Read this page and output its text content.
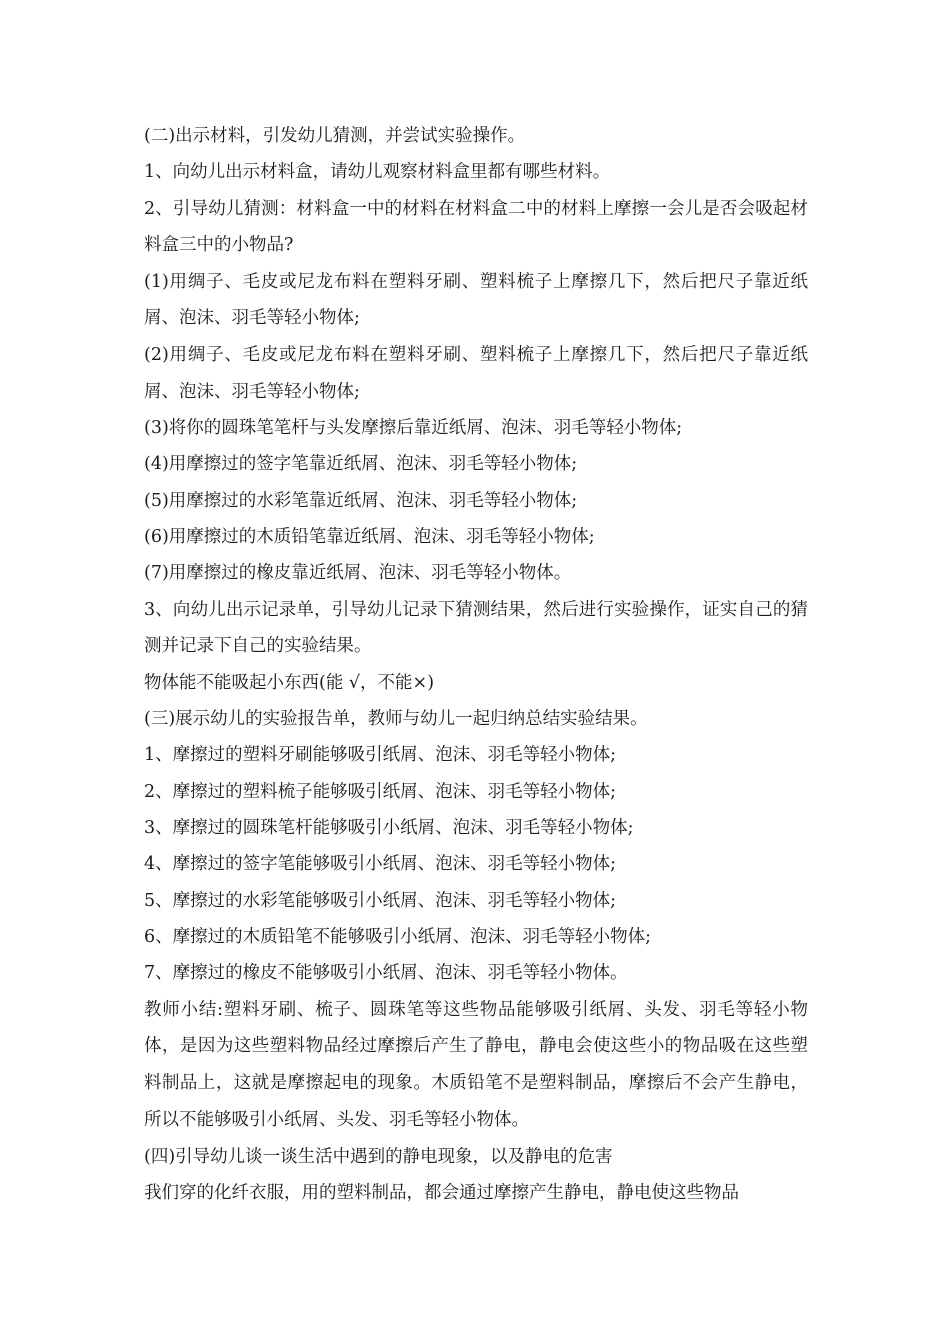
(二)出示材料，引发幼儿猜测，并尝试实验操作。

1、向幼儿出示材料盒，请幼儿观察材料盒里都有哪些材料。

2、引导幼儿猜测：材料盒一中的材料在材料盒二中的材料上摩擦一会儿是否会吸起材料盒三中的小物品?

(1)用绸子、毛皮或尼龙布料在塑料牙刷、塑料梳子上摩擦几下，然后把尺子靠近纸屑、泡沫、羽毛等轻小物体;

(2)用绸子、毛皮或尼龙布料在塑料牙刷、塑料梳子上摩擦几下，然后把尺子靠近纸屑、泡沫、羽毛等轻小物体;

(3)将你的圆珠笔笔杆与头发摩擦后靠近纸屑、泡沫、羽毛等轻小物体;

(4)用摩擦过的签字笔靠近纸屑、泡沫、羽毛等轻小物体;

(5)用摩擦过的水彩笔靠近纸屑、泡沫、羽毛等轻小物体;

(6)用摩擦过的木质铅笔靠近纸屑、泡沫、羽毛等轻小物体;

(7)用摩擦过的橡皮靠近纸屑、泡沫、羽毛等轻小物体。

3、向幼儿出示记录单，引导幼儿记录下猜测结果，然后进行实验操作，证实自己的猜测并记录下自己的实验结果。

物体能不能吸起小东西(能 √，不能×)

(三)展示幼儿的实验报告单，教师与幼儿一起归纳总结实验结果。

1、摩擦过的塑料牙刷能够吸引纸屑、泡沫、羽毛等轻小物体;

2、摩擦过的塑料梳子能够吸引纸屑、泡沫、羽毛等轻小物体;

3、摩擦过的圆珠笔杆能够吸引小纸屑、泡沫、羽毛等轻小物体;

4、摩擦过的签字笔能够吸引小纸屑、泡沫、羽毛等轻小物体;

5、摩擦过的水彩笔能够吸引小纸屑、泡沫、羽毛等轻小物体;

6、摩擦过的木质铅笔不能够吸引小纸屑、泡沫、羽毛等轻小物体;

7、摩擦过的橡皮不能够吸引小纸屑、泡沫、羽毛等轻小物体。

教师小结:塑料牙刷、梳子、圆珠笔等这些物品能够吸引纸屑、头发、羽毛等轻小物体，是因为这些塑料物品经过摩擦后产生了静电，静电会使这些小的物品吸在这些塑料制品上，这就是摩擦起电的现象。木质铅笔不是塑料制品，摩擦后不会产生静电，所以不能够吸引小纸屑、头发、羽毛等轻小物体。

(四)引导幼儿谈一谈生活中遇到的静电现象，以及静电的危害

我们穿的化纤衣服，用的塑料制品，都会通过摩擦产生静电，静电使这些物品
